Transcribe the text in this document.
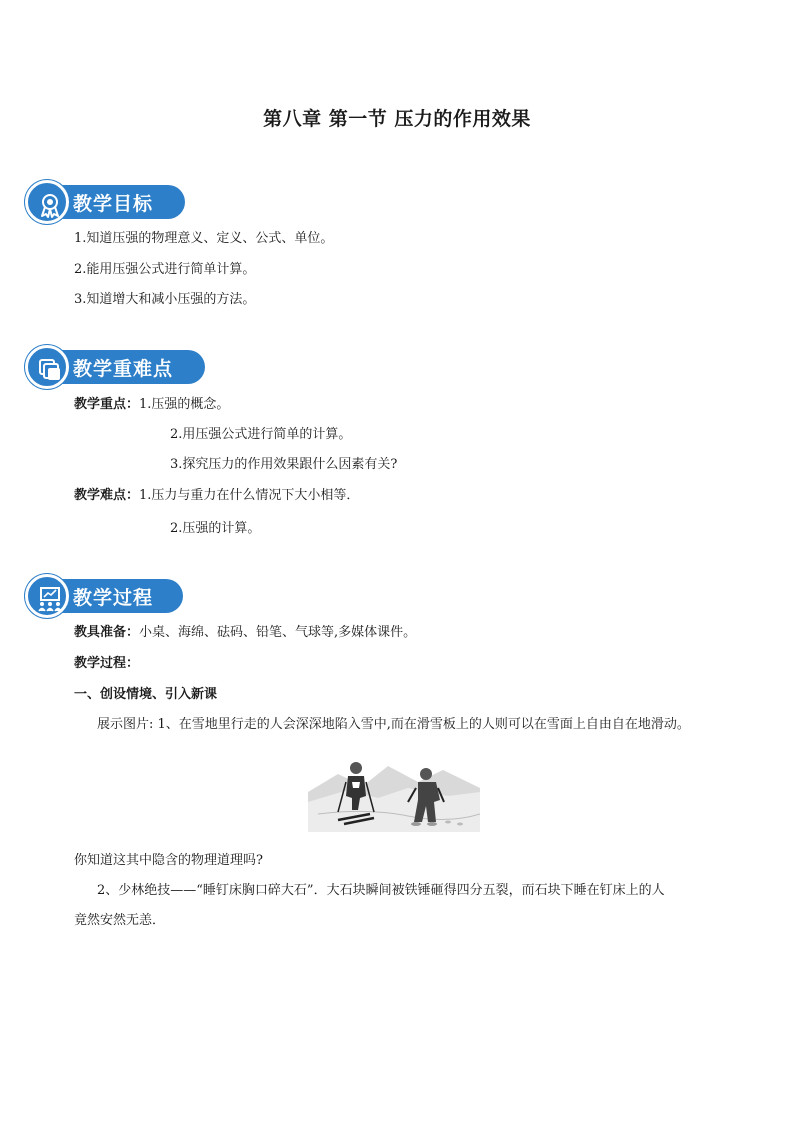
第八章 第一节 压力的作用效果
教学目标
1.知道压强的物理意义、定义、公式、单位。
2.能用压强公式进行简单计算。
3.知道增大和减小压强的方法。
教学重难点
教学重点：1.压强的概念。
2.用压强公式进行简单的计算。
3.探究压力的作用效果跟什么因素有关?
教学难点：1.压力与重力在什么情况下大小相等．
2.压强的计算。
教学过程
教具准备：小桌、海绵、砝码、铅笔、气球等,多媒体课件。
教学过程：
一、创设情境、引入新课
展示图片: 1、在雪地里行走的人会深深地陷入雪中,而在滑雪板上的人则可以在雪面上自由自在地滑动。
你知道这其中隐含的物理道理吗?
2、少林绝技——“睡钉床胸口碎大石”．大石块瞬间被铁锤砸得四分五裂，而石块下睡在钉床上的人
竟然安然无恙．
